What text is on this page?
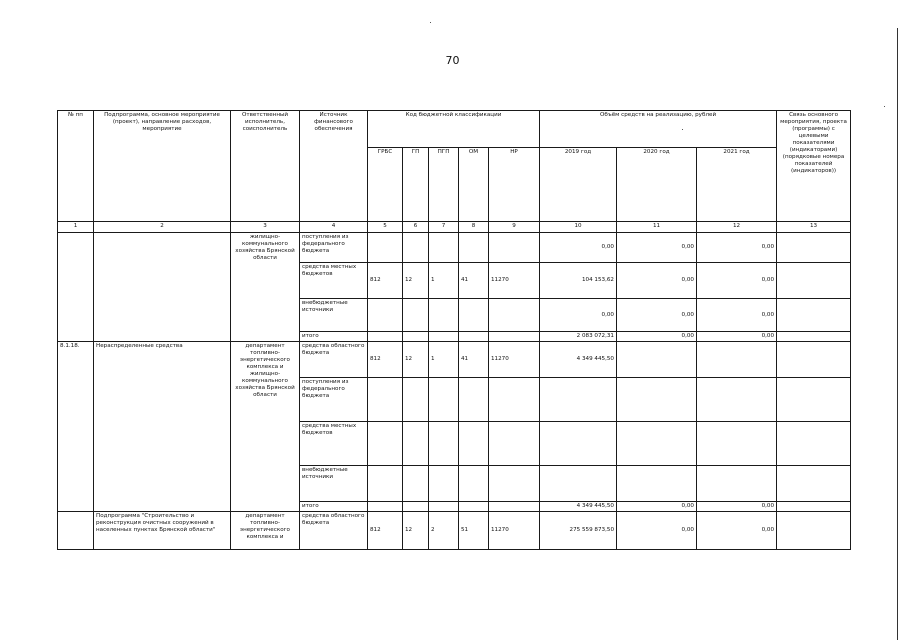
70
№ пп	Подпрограмма, основное мероприятие (проект), направление расходов, мероприятие	Ответственный исполнитель, соисполнитель	Источник финансового обеспечения	Код бюджетной классификации					Объём средств на реализацию, рублей			Связь основного мероприятия, проекта (программы) с целевыми показателями (индикаторами) (порядковые номера показателей (индикаторов))
				ГРБС	ГП	ПГП	ОМ	НР	2019 год	2020 год	2021 год	
1	2	3	4	5	6	7	8	9	10	11	12	13
		жилищно-коммунального хозяйства Брянской области	поступления из федерального бюджета						0,00	0,00	0,00	
			средства местных бюджетов	812	12	1	41	11270	104 153,62	0,00	0,00	
			внебюджетные источники						0,00	0,00	0,00	
			итого						2 083 072,31	0,00	0,00	
8.1.18.	Нераспределенные средства	департамент топливно-энергетического комплекса и жилищно-коммунального хозяйства Брянской области	средства областного бюджета	812	12	1	41	11270	4 349 445,50			
			поступления из федерального бюджета									
			средства местных бюджетов									
			внебюджетные источники									
			итого						4 349 445,50	0,00	0,00	
	Подпрограмма "Строительство и реконструкция очистных сооружений в населенных пунктах Брянской области"	департамент топливно-энергетического комплекса и	средства областного бюджета	812	12	2	51	11270	275 559 873,50	0,00	0,00	
